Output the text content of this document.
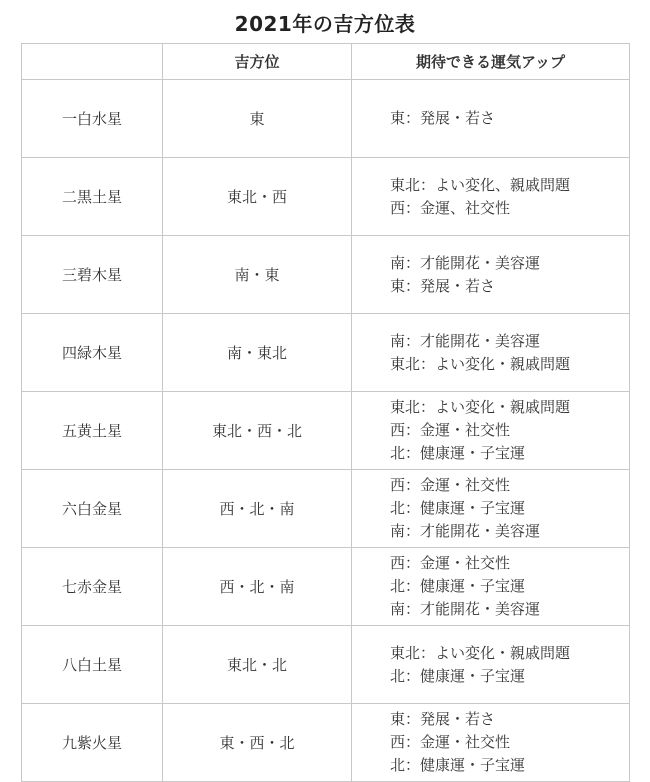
2021年の吉方位表
	吉方位	期待できる運気アップ
一白水星	東	東：発展・若さ

二黒土星	東北・西	東北：よい変化、親戚問題
西：金運、社交性

三碧木星	南・東	南：才能開花・美容運
東：発展・若さ

四緑木星	南・東北	南：才能開花・美容運
東北：よい変化・親戚問題

五黄土星	東北・西・北	東北：よい変化・親戚問題
西：金運・社交性
北：健康運・子宝運

六白金星	西・北・南	西：金運・社交性
北：健康運・子宝運
南：才能開花・美容運

七赤金星	西・北・南	西：金運・社交性
北：健康運・子宝運
南：才能開花・美容運

八白土星	東北・北	東北：よい変化・親戚問題
北：健康運・子宝運

九紫火星	東・西・北	東：発展・若さ
西：金運・社交性
北：健康運・子宝運
